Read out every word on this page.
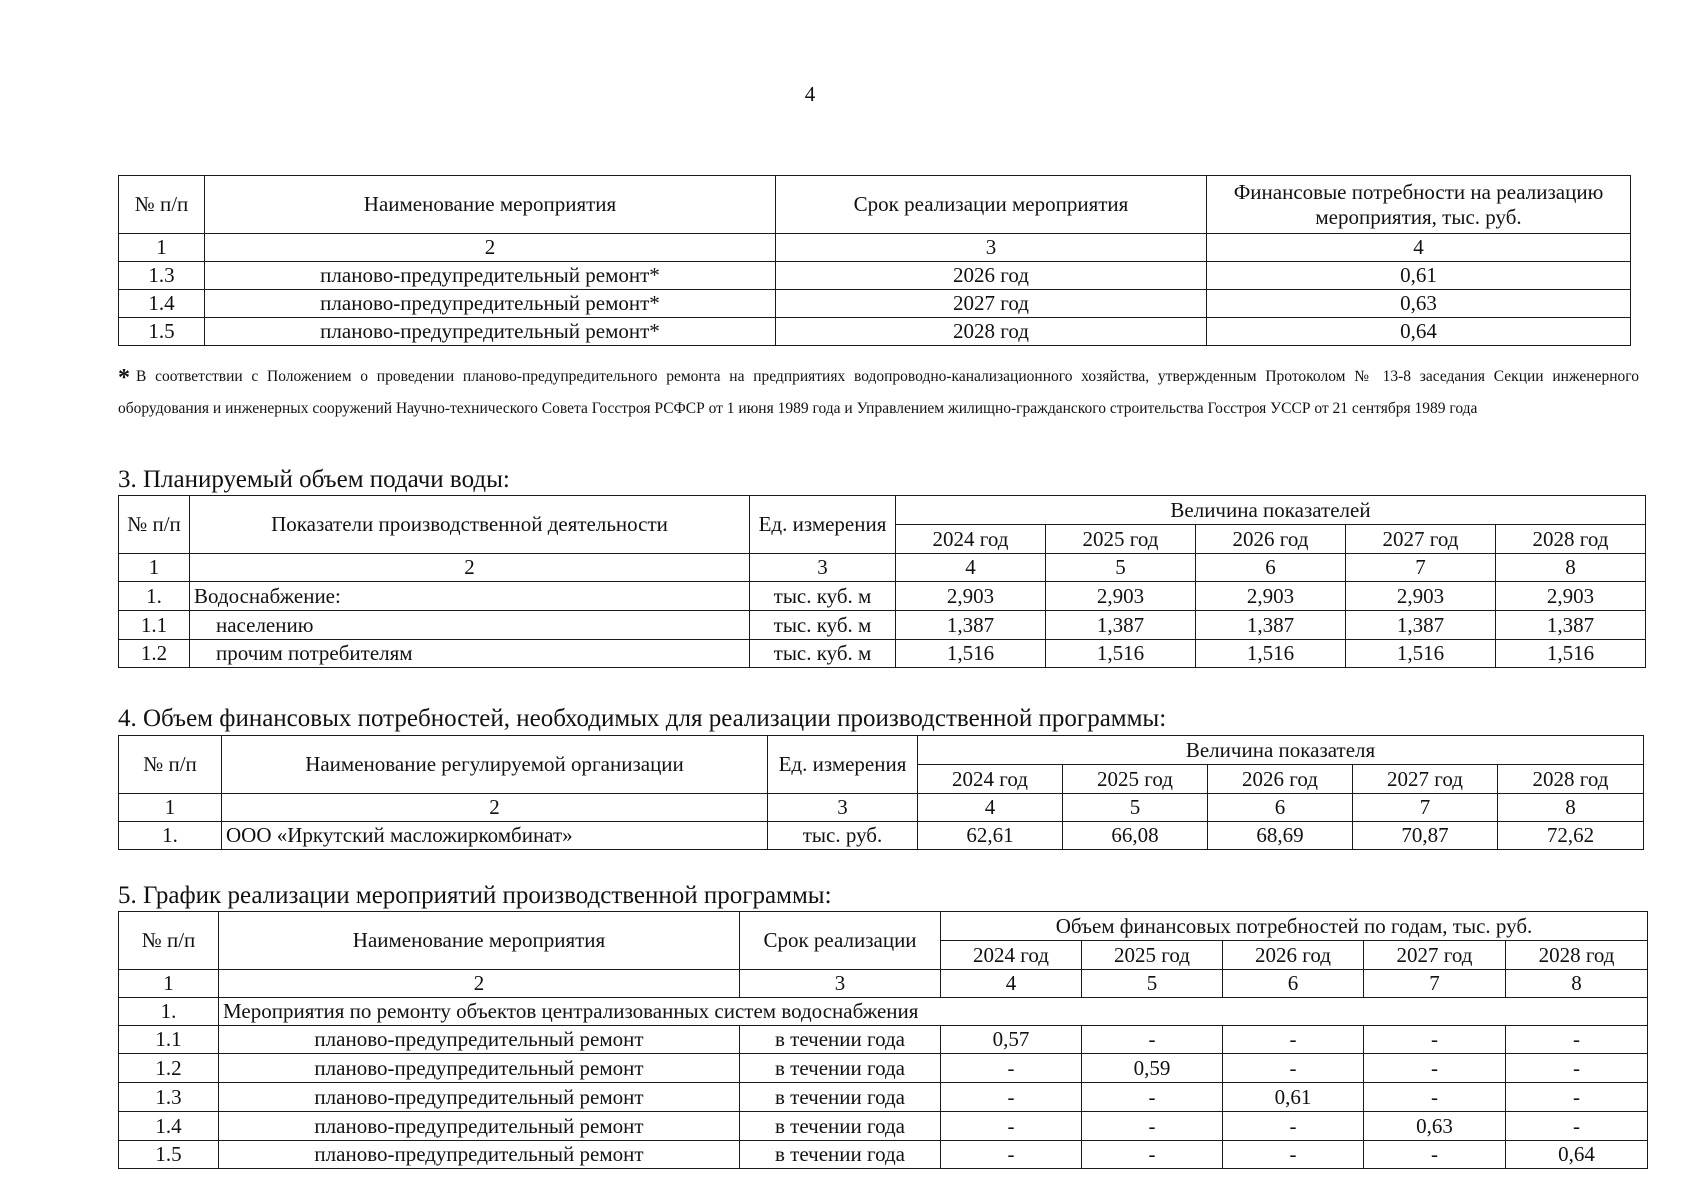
4
№ п/п	Наименование мероприятия	Срок реализации мероприятия	Финансовые потребности на реализацию мероприятия, тыс. руб.
1	2	3	4
1.3	планово-предупредительный ремонт*	2026 год	0,61
1.4	планово-предупредительный ремонт*	2027 год	0,63
1.5	планово-предупредительный ремонт*	2028 год	0,64
* В соответствии с Положением о проведении планово-предупредительного ремонта на предприятиях водопроводно-канализационного хозяйства, утвержденным Протоколом № 13-8 заседания Секции инженерного оборудования и инженерных сооружений Научно-технического Совета Госстроя РСФСР от 1 июня 1989 года и Управлением жилищно-гражданского строительства Госстроя УССР от 21 сентября 1989 года
3. Планируемый объем подачи воды:
№ п/п	Показатели производственной деятельности	Ед. измерения	Величина показателей				
			2024 год	2025 год	2026 год	2027 год	2028 год
1	2	3	4	5	6	7	8
1.	Водоснабжение:	тыс. куб. м	2,903	2,903	2,903	2,903	2,903
1.1	населению	тыс. куб. м	1,387	1,387	1,387	1,387	1,387
1.2	прочим потребителям	тыс. куб. м	1,516	1,516	1,516	1,516	1,516
4. Объем финансовых потребностей, необходимых для реализации производственной программы:
№ п/п	Наименование регулируемой организации	Ед. измерения	Величина показателя				
			2024 год	2025 год	2026 год	2027 год	2028 год
1	2	3	4	5	6	7	8
1.	ООО «Иркутский масложиркомбинат»	тыс. руб.	62,61	66,08	68,69	70,87	72,62
5. График реализации мероприятий производственной программы:
№ п/п	Наименование мероприятия	Срок реализации	Объем финансовых потребностей по годам, тыс. руб.				
			2024 год	2025 год	2026 год	2027 год	2028 год
1	2	3	4	5	6	7	8
1.	Мероприятия по ремонту объектов централизованных систем водоснабжения						
1.1	планово-предупредительный ремонт	в течении года	0,57	-	-	-	-
1.2	планово-предупредительный ремонт	в течении года	-	0,59	-	-	-
1.3	планово-предупредительный ремонт	в течении года	-	-	0,61	-	-
1.4	планово-предупредительный ремонт	в течении года	-	-	-	0,63	-
1.5	планово-предупредительный ремонт	в течении года	-	-	-	-	0,64
